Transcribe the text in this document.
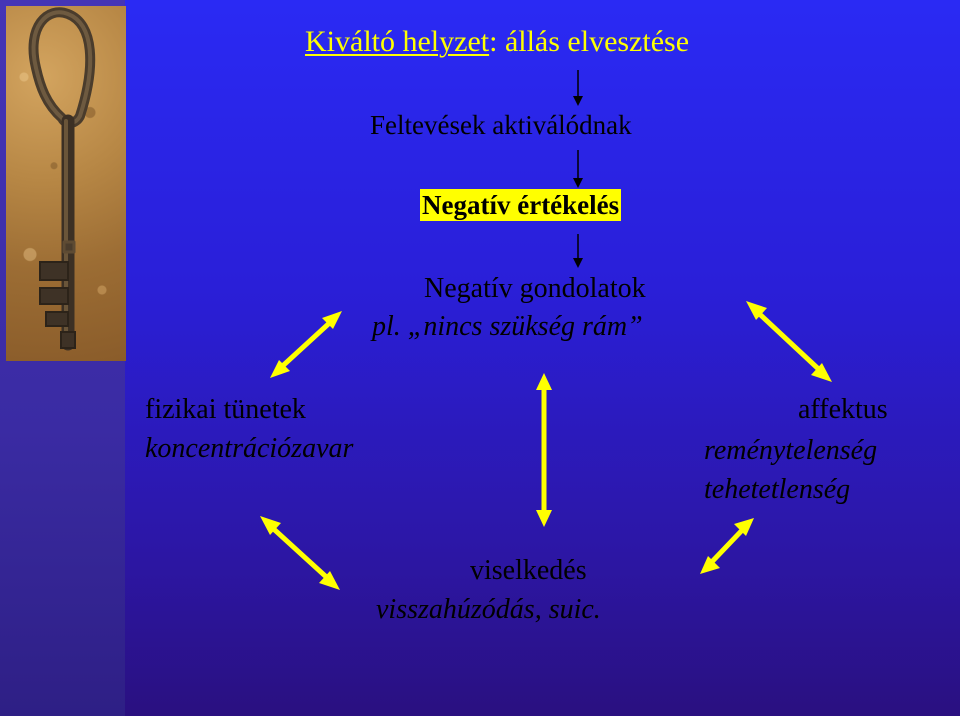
Kiváltó helyzet: állás elvesztése
Feltevések aktiválódnak
Negatív értékelés
Negatív gondolatok
pl. „nincs szükség rám”
fizikai tünetek
koncentrációzavar
affektus
reménytelenség
tehetetlenség
viselkedés
visszahúzódás, suic.
